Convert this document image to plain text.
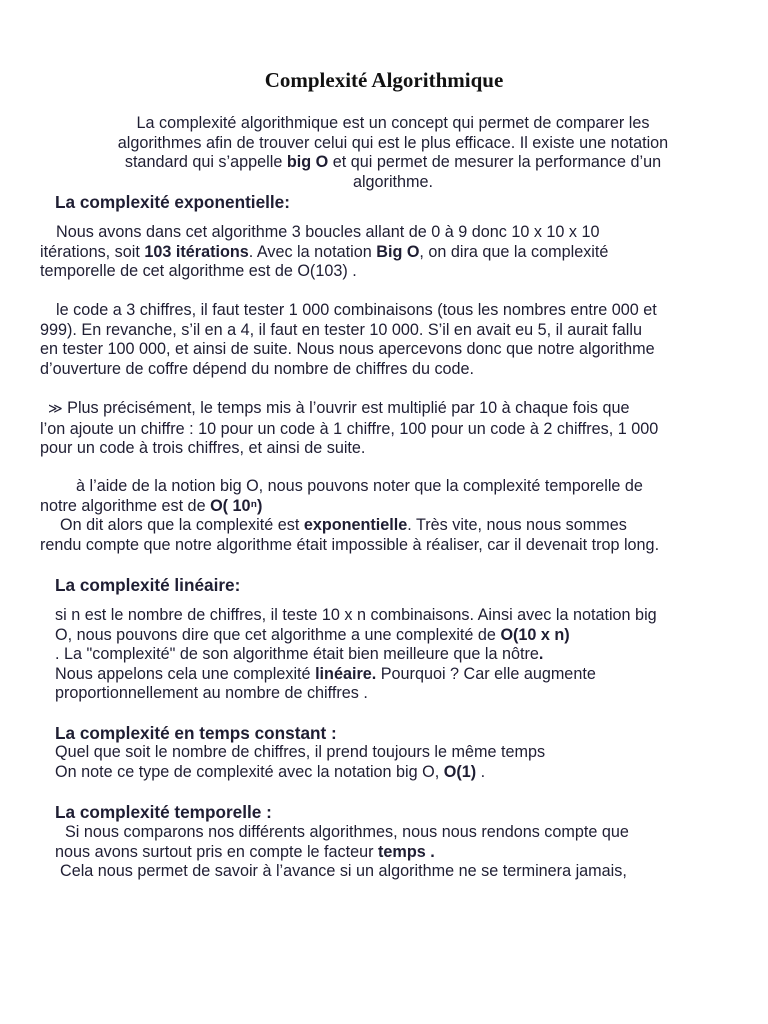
Complexité Algorithmique

La complexité algorithmique est un concept qui permet de comparer les
algorithmes afin de trouver celui qui est le plus efficace. Il existe une notation
standard qui s’appelle big O et qui permet de mesurer la performance d’un
algorithme.

La complexité exponentielle:

Nous avons dans cet algorithme 3 boucles allant de 0 à 9 donc 10 x 10 x 10
itérations, soit 103 itérations. Avec la notation Big O, on dira que la complexité
temporelle de cet algorithme est de O(103) .

le code a 3 chiffres, il faut tester 1 000 combinaisons (tous les nombres entre 000 et
999). En revanche, s’il en a 4, il faut en tester 10 000. S’il en avait eu 5, il aurait fallu
en tester 100 000, et ainsi de suite. Nous nous apercevons donc que notre algorithme
d’ouverture de coffre dépend du nombre de chiffres du code.

≫ Plus précisément, le temps mis à l’ouvrir est multiplié par 10 à chaque fois que
l’on ajoute un chiffre : 10 pour un code à 1 chiffre, 100 pour un code à 2 chiffres, 1 000
pour un code à trois chiffres, et ainsi de suite.

à l’aide de la notion big O, nous pouvons noter que la complexité temporelle de
notre algorithme est de O( 10ⁿ)
On dit alors que la complexité est exponentielle. Très vite, nous nous sommes
rendu compte que notre algorithme était impossible à réaliser, car il devenait trop long.

La complexité linéaire:

si n est le nombre de chiffres, il teste 10 x n combinaisons. Ainsi avec la notation big
O, nous pouvons dire que cet algorithme a une complexité de O(10 x n)
. La "complexité" de son algorithme était bien meilleure que la nôtre.
Nous appelons cela une complexité linéaire. Pourquoi ? Car elle augmente
proportionnellement au nombre de chiffres .

La complexité en temps constant :

Quel que soit le nombre de chiffres, il prend toujours le même temps
On note ce type de complexité avec la notation big O, O(1) .

La complexité temporelle :

Si nous comparons nos différents algorithmes, nous nous rendons compte que
nous avons surtout pris en compte le facteur temps .
Cela nous permet de savoir à l’avance si un algorithme ne se terminera jamais,
